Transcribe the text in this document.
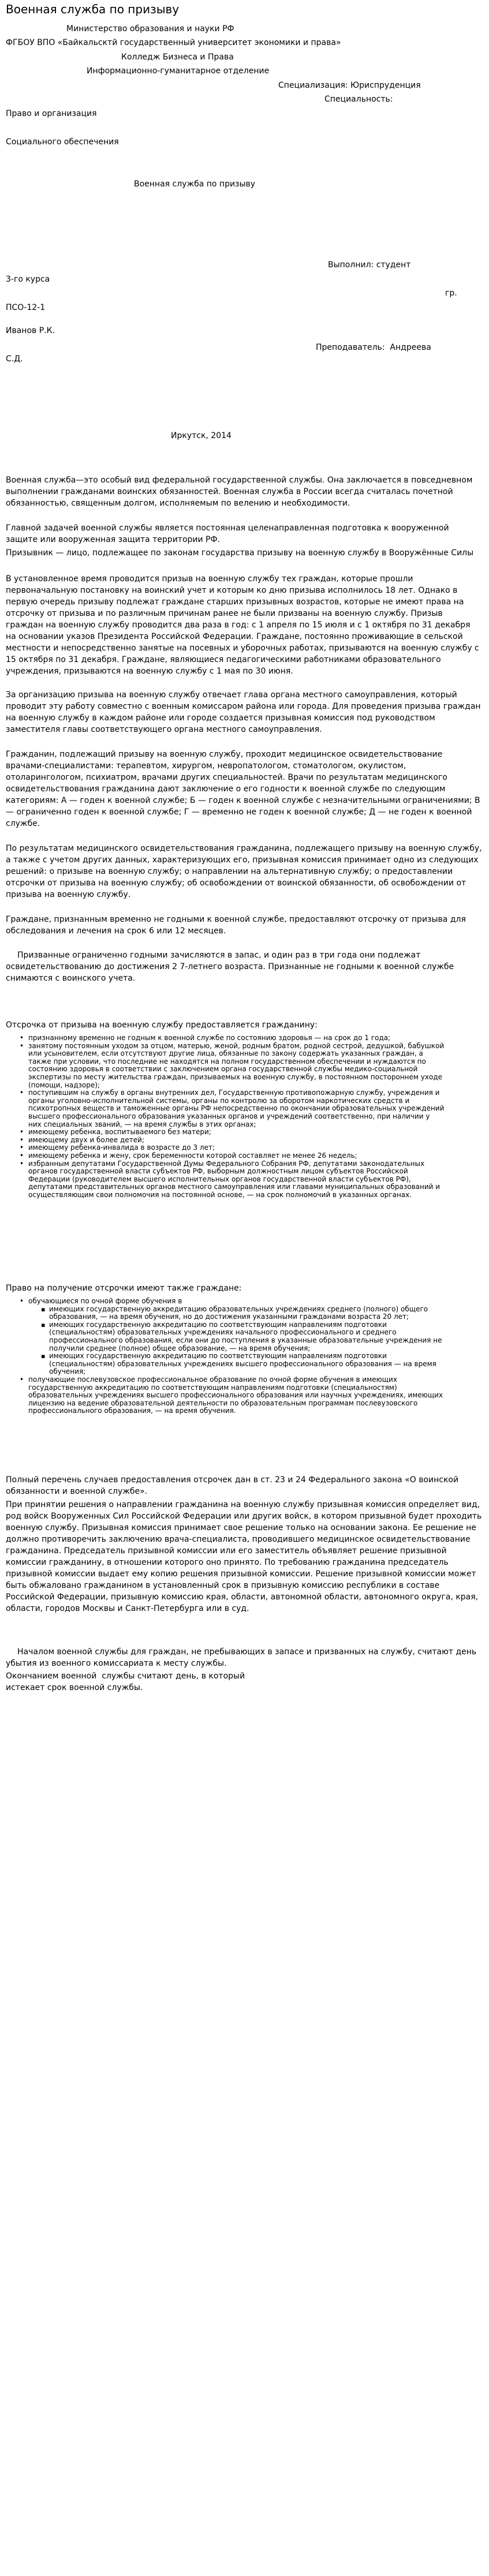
Военная служба по призыву
Министерство образования и науки РФ
ФГБОУ ВПО «Байкальсктй государственный университет экономики и права»
Колледж Бизнеса и Права
Информационно-гуманитарное отделение
Специализация: Юриспруденция
Специальность:
Право и организация
Социального обеспечения
Военная служба по призыву
Выполнил: студент
3-го курса
гр.
ПСО-12-1
Иванов Р.К.
Преподаватель:  Андреева
С.Д.
Иркутск, 2014

Военная служба—это особый вид федеральной государственной службы. Она заключается в повседневном выполнении гражданами воинских обязанностей. Военная служба в России всегда считалась почетной обязанностью, священным долгом, исполняемым по велению и необходимости.

Главной задачей военной службы является постоянная целенаправленная подготовка к вооруженной защите или вооруженная защита территории РФ.

Призывник — лицо, подлежащее по законам государства призыву на военную службу в Вооружённые Силы

В установленное время проводится призыв на военную службу тех граждан, которые прошли первоначальную постановку на воинский учет и которым ко дню призыва исполнилось 18 лет. Однако в первую очередь призыву подлежат граждане старших призывных возрастов, которые не имеют права на отсрочку от призыва и по различным причинам ранее не были призваны на военную службу. Призыв граждан на военную службу проводится два раза в год: с 1 апреля по 15 июля и с 1 октября по 31 декабря на основании указов Президента Российской Федерации. Граждане, постоянно проживающие в сельской местности и непосредственно занятые на посевных и уборочных работах, призываются на военную службу с 15 октября по 31 декабря. Граждане, являющиеся педагогическими работниками образовательного учреждения, призываются на военную службу с 1 мая по 30 июня.

За организацию призыва на военную службу отвечает глава органа местного самоуправления, который проводит эту работу совместно с военным комиссаром района или города. Для проведения призыва граждан на военную службу в каждом районе или городе создается призывная комиссия под руководством заместителя главы соответствующего органа местного самоуправления.

Гражданин, подлежащий призыву на военную службу, проходит медицинское освидетельствование врачами-специалистами: терапевтом, хирургом, невропатологом, стоматологом, окулистом, отоларингологом, психиатром, врачами других специальностей. Врачи по результатам медицинского освидетельствования гражданина дают заключение о его годности к военной службе по следующим категориям: А — годен к военной службе; Б — годен к военной службе с незначительными ограничениями; В — ограниченно годен к военной службе; Г — временно не годен к военной службе; Д — не годен к военной службе.

По результатам медицинского освидетельствования гражданина, подлежащего призыву на военную службу, а также с учетом других данных, характеризующих его, призывная комиссия принимает одно из следующих решений: о призыве на военную службу; о направлении на альтернативную службу; о предоставлении отсрочки от призыва на военную службу; об освобождении от воинской обязанности, об освобождении от призыва на военную службу.

Граждане, признанным временно не годными к военной службе, предоставляют отсрочку от призыва для обследования и лечения на срок 6 или 12 месяцев.

Призванные ограниченно годными зачисляются в запас, и один раз в три года они подлежат освидетельствованию до достижения 2 7-летнего возраста. Признанные не годными к военной службе снимаются с воинского учета.

Отсрочка от призыва на военную службу предоставляется гражданину:

• признанному временно не годным к военной службе по состоянию здоровья — на срок до 1 года;
• занятому постоянным уходом за отцом, матерью, женой, родным братом, родной сестрой, дедушкой, бабушкой или усыновителем, если отсутствуют другие лица, обязанные по закону содержать указанных граждан, а также при условии, что последние не находятся на полном государственном обеспечении и нуждаются по состоянию здоровья в соответствии с заключением органа государственной службы медико-социальной экспертизы по месту жительства граждан, призываемых на военную службу, в постоянном постороннем уходе (помощи, надзоре);
• поступившим на службу в органы внутренних дел, Государственную противопожарную службу, учреждения и органы уголовно-исполнительной системы, органы по контролю за оборотом наркотических средств и психотропных веществ и таможенные органы РФ непосредственно по окончании образовательных учреждений высшего профессионального образования указанных органов и учреждений соответственно, при наличии у них специальных званий, — на время службы в этих органах;
• имеющему ребенка, воспитываемого без матери;
• имеющему двух и более детей;
• имеющему ребенка-инвалида в возрасте до 3 лет;
• имеющему ребенка и жену, срок беременности которой составляет не менее 26 недель;
• избранным депутатами Государственной Думы Федерального Собрания РФ, депутатами законодательных органов государственной власти субъектов РФ, выборным должностным лицом субъектов Российской Федерации (руководителем высшего исполнительных органов государственной власти субъектов РФ), депутатами представительных органов местного самоуправления или главами муниципальных образований и осуществляющим свои полномочия на постоянной основе, — на срок полномочий в указанных органах.

Право на получение отсрочки имеют также граждане:

• обучающиеся по очной форме обучения в
▪ имеющих государственную аккредитацию образовательных учреждениях среднего (полного) общего образования, — на время обучения, но до достижения указанными гражданами возраста 20 лет;
▪ имеющих государственную аккредитацию по соответствующим направлениям подготовки (специальностям) образовательных учреждениях начального профессионального и среднего профессионального образования, если они до поступления в указанные образовательные учреждения не получили среднее (полное) общее образование, — на время обучения;
▪ имеющих государственную аккредитацию по соответствующим направлениям подготовки (специальностям) образовательных учреждениях высшего профессионального образования — на время обучения;
• получающие послевузовское профессиональное образование по очной форме обучения в имеющих государственную аккредитацию по соответствующим направлениям подготовки (специальностям) образовательных учреждениях высшего профессионального образования или научных учреждениях, имеющих лицензию на ведение образовательной деятельности по образовательным программам послевузовского профессионального образования, — на время обучения.

Полный перечень случаев предоставления отсрочек дан в ст. 23 и 24 Федерального закона «О воинской обязанности и военной службе».

При принятии решения о направлении гражданина на военную службу призывная комиссия определяет вид, род войск Вооруженных Сил Российской Федерации или других войск, в котором призывной будет проходить военную службу. Призывная комиссия принимает свое решение только на основании закона. Ее решение не должно противоречить заключению врача-специалиста, проводившего медицинское освидетельствование гражданина. Председатель призывной комиссии или его заместитель объявляет решение призывной комиссии гражданину, в отношении которого оно принято. По требованию гражданина председатель призывной комиссии выдает ему копию решения призывной комиссии. Решение призывной комиссии может быть обжаловано гражданином в установленный срок в призывную комиссию республики в составе Российской Федерации, призывную комиссию края, области, автономной области, автономного округа, края, области, городов Москвы и Санкт-Петербурга или в суд.

Началом военной службы для граждан, не пребывающих в запасе и призванных на службу, считают день убытия из военного комиссариата к месту службы.

Окончанием военной  службы считают день, в который
истекает срок военной службы.
